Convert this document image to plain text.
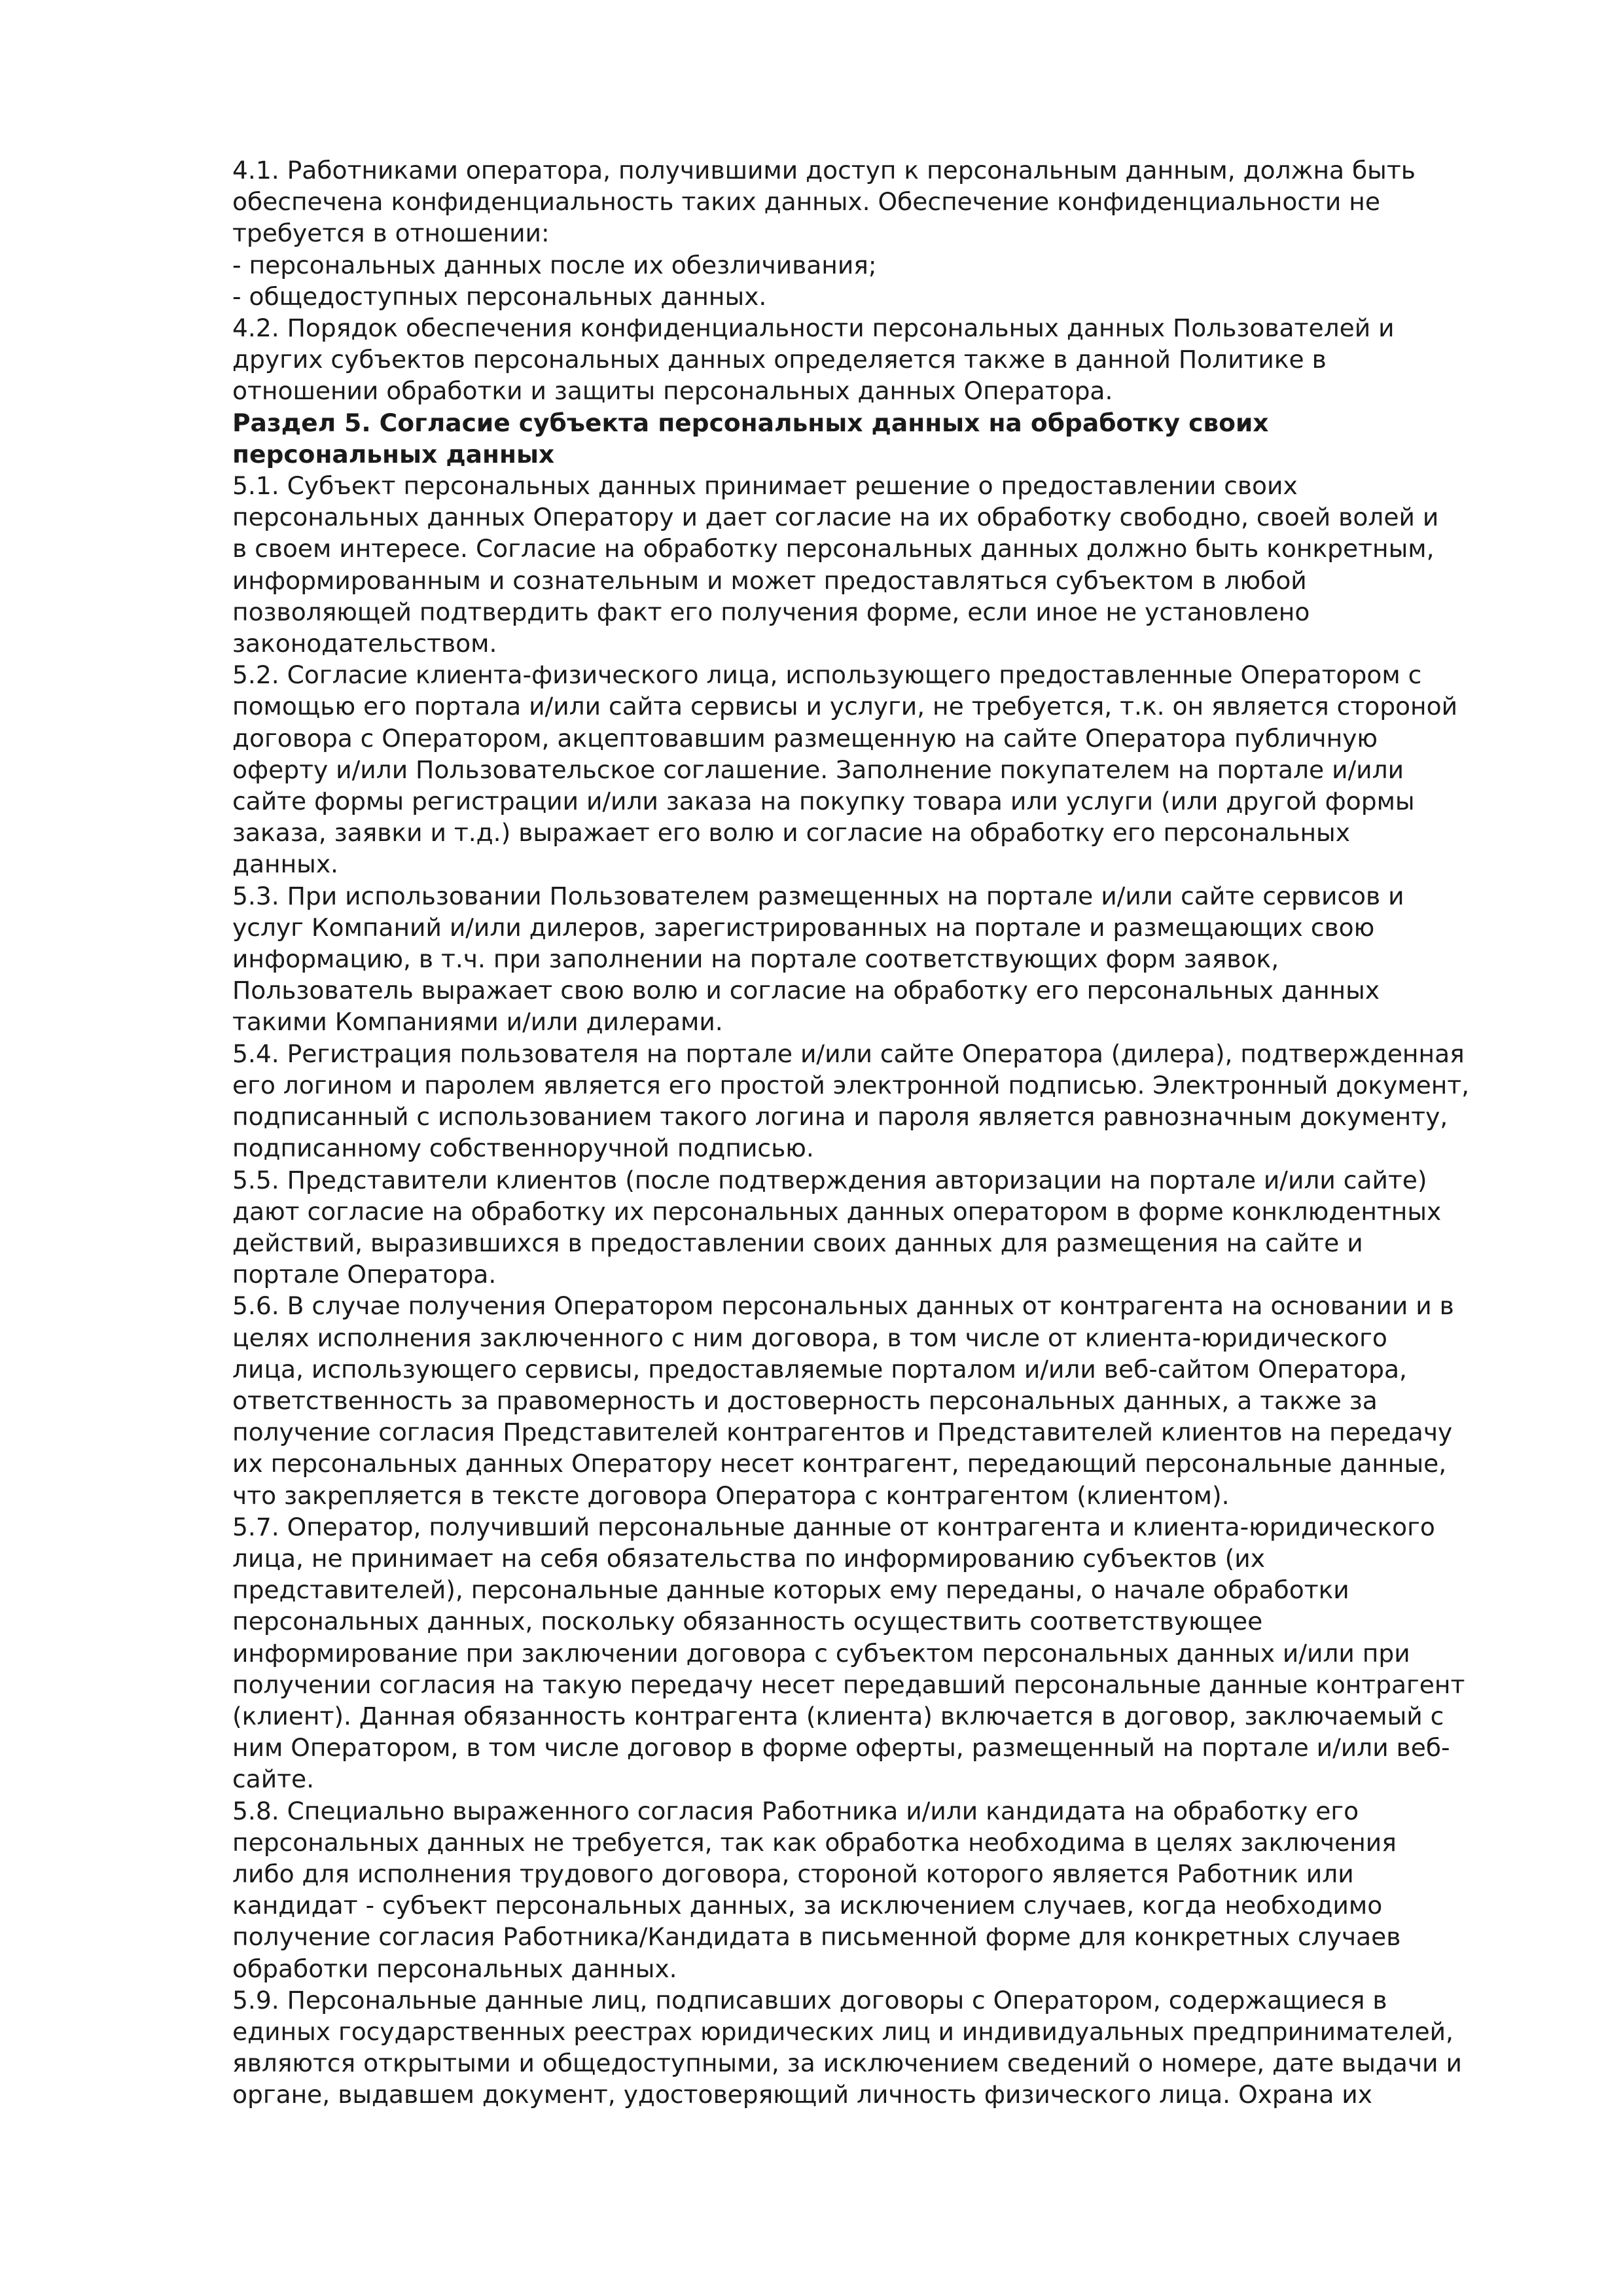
4.1. Работниками оператора, получившими доступ к персональным данным, должна быть
обеспечена конфиденциальность таких данных. Обеспечение конфиденциальности не
требуется в отношении:

- персональных данных после их обезличивания;

- общедоступных персональных данных.

4.2. Порядок обеспечения конфиденциальности персональных данных Пользователей и
других субъектов персональных данных определяется также в данной Политике в
отношении обработки и защиты персональных данных Оператора.

Раздел 5. Согласие субъекта персональных данных на обработку своих
персональных данных

5.1. Субъект персональных данных принимает решение о предоставлении своих
персональных данных Оператору и дает согласие на их обработку свободно, своей волей и
в своем интересе. Согласие на обработку персональных данных должно быть конкретным,
информированным и сознательным и может предоставляться субъектом в любой
позволяющей подтвердить факт его получения форме, если иное не установлено
законодательством.

5.2. Согласие клиента-физического лица, использующего предоставленные Оператором с
помощью его портала и/или сайта сервисы и услуги, не требуется, т.к. он является стороной
договора с Оператором, акцептовавшим размещенную на сайте Оператора публичную
оферту и/или Пользовательское соглашение. Заполнение покупателем на портале и/или
сайте формы регистрации и/или заказа на покупку товара или услуги (или другой формы
заказа, заявки и т.д.) выражает его волю и согласие на обработку его персональных
данных.

5.3. При использовании Пользователем размещенных на портале и/или сайте сервисов и
услуг Компаний и/или дилеров, зарегистрированных на портале и размещающих свою
информацию, в т.ч. при заполнении на портале соответствующих форм заявок,
Пользователь выражает свою волю и согласие на обработку его персональных данных
такими Компаниями и/или дилерами.

5.4. Регистрация пользователя на портале и/или сайте Оператора (дилера), подтвержденная
его логином и паролем является его простой электронной подписью. Электронный документ,
подписанный с использованием такого логина и пароля является равнозначным документу,
подписанному собственноручной подписью.

5.5. Представители клиентов (после подтверждения авторизации на портале и/или сайте)
дают согласие на обработку их персональных данных оператором в форме конклюдентных
действий, выразившихся в предоставлении своих данных для размещения на сайте и
портале Оператора.

5.6. В случае получения Оператором персональных данных от контрагента на основании и в
целях исполнения заключенного с ним договора, в том числе от клиента-юридического
лица, использующего сервисы, предоставляемые порталом и/или веб-сайтом Оператора,
ответственность за правомерность и достоверность персональных данных, а также за
получение согласия Представителей контрагентов и Представителей клиентов на передачу
их персональных данных Оператору несет контрагент, передающий персональные данные,
что закрепляется в тексте договора Оператора с контрагентом (клиентом).

5.7. Оператор, получивший персональные данные от контрагента и клиента-юридического
лица, не принимает на себя обязательства по информированию субъектов (их
представителей), персональные данные которых ему переданы, о начале обработки
персональных данных, поскольку обязанность осуществить соответствующее
информирование при заключении договора с субъектом персональных данных и/или при
получении согласия на такую передачу несет передавший персональные данные контрагент
(клиент). Данная обязанность контрагента (клиента) включается в договор, заключаемый с
ним Оператором, в том числе договор в форме оферты, размещенный на портале и/или веб-
сайте.

5.8. Специально выраженного согласия Работника и/или кандидата на обработку его
персональных данных не требуется, так как обработка необходима в целях заключения
либо для исполнения трудового договора, стороной которого является Работник или
кандидат - субъект персональных данных, за исключением случаев, когда необходимо
получение согласия Работника/Кандидата в письменной форме для конкретных случаев
обработки персональных данных.

5.9. Персональные данные лиц, подписавших договоры с Оператором, содержащиеся в
единых государственных реестрах юридических лиц и индивидуальных предпринимателей,
являются открытыми и общедоступными, за исключением сведений о номере, дате выдачи и
органе, выдавшем документ, удостоверяющий личность физического лица. Охрана их
